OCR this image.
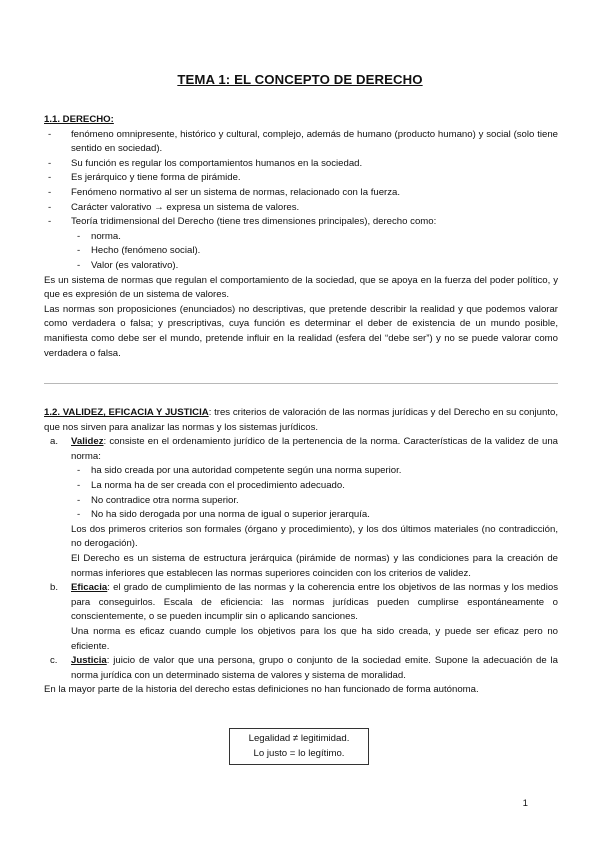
TEMA 1: EL CONCEPTO DE DERECHO
1.1. DERECHO:
- fenómeno omnipresente, histórico y cultural, complejo, además de humano (producto humano) y social (solo tiene sentido en sociedad).
- Su función es regular los comportamientos humanos en la sociedad.
- Es jerárquico y tiene forma de pirámide.
- Fenómeno normativo al ser un sistema de normas, relacionado con la fuerza.
- Carácter valorativo → expresa un sistema de valores.
- Teoría tridimensional del Derecho (tiene tres dimensiones principales), derecho como:
- norma.
- Hecho (fenómeno social).
- Valor (es valorativo).
Es un sistema de normas que regulan el comportamiento de la sociedad, que se apoya en la fuerza del poder político, y que es expresión de un sistema de valores.
Las normas son proposiciones (enunciados) no descriptivas, que pretende describir la realidad y que podemos valorar como verdadera o falsa; y prescriptivas, cuya función es determinar el deber de existencia de un mundo posible, manifiesta como debe ser el mundo, pretende influir en la realidad (esfera del “debe ser”) y no se puede valorar como verdadera o falsa.
1.2. VALIDEZ, EFICACIA Y JUSTICIA: tres criterios de valoración de las normas jurídicas y del Derecho en su conjunto, que nos sirven para analizar las normas y los sistemas jurídicos.
a. Validez: consiste en el ordenamiento jurídico de la pertenencia de la norma. Características de la validez de una norma:
- ha sido creada por una autoridad competente según una norma superior.
- La norma ha de ser creada con el procedimiento adecuado.
- No contradice otra norma superior.
- No ha sido derogada por una norma de igual o superior jerarquía.
Los dos primeros criterios son formales (órgano y procedimiento), y los dos últimos materiales (no contradicción, no derogación).
El Derecho es un sistema de estructura jerárquica (pirámide de normas) y las condiciones para la creación de normas inferiores que establecen las normas superiores coinciden con los criterios de validez.
b. Eficacia: el grado de cumplimiento de las normas y la coherencia entre los objetivos de las normas y los medios para conseguirlos. Escala de eficiencia: las normas jurídicas pueden cumplirse espontáneamente o conscientemente, o se pueden incumplir sin o aplicando sanciones.
Una norma es eficaz cuando cumple los objetivos para los que ha sido creada, y puede ser eficaz pero no eficiente.
c. Justicia: juicio de valor que una persona, grupo o conjunto de la sociedad emite. Supone la adecuación de la norma jurídica con un determinado sistema de valores y sistema de moralidad.
En la mayor parte de la historia del derecho estas definiciones no han funcionado de forma autónoma.
Legalidad ≠ legitimidad.
Lo justo = lo legítimo.
1
